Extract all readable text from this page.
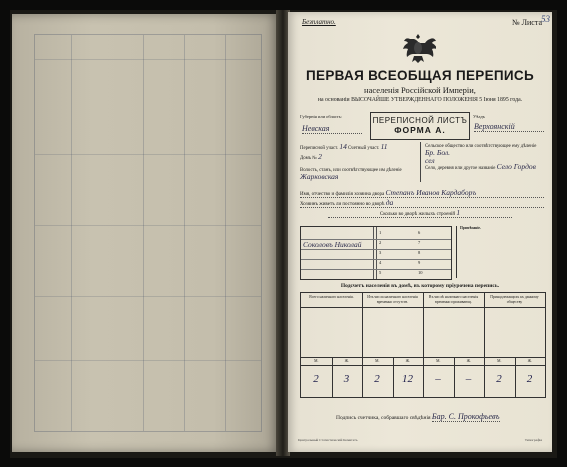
Безплатно.	№ Листа 53
ПЕРВАЯ ВСЕОБЩАЯ ПЕРЕПИСЬ
населенія Россійской Имперіи,
на основаніи ВЫСОЧАЙШЕ УТВЕРЖДЕННАГО ПОЛОЖЕНІЯ 5 Іюня 1895 года.
Губернія или область:
Невская
ПЕРЕПИСНОЙ ЛИСТЪ
ФОРМА А.
Уѣздъ
Верхоянскій
Переписной участ. 14 Счетный участ. 11
Домъ № 2
Волость, станъ, или соотвѣтствующее им дѣленіе Жарковская
Сельское общество или соотвѣтствующее ему дѣленіе Бр. Бол.
сел
Село, деревня или другое названіе Село Гордов
Имя, отчество и фамилія хозяина двора Степанъ Иванов Кардаборъ
Хозяинъ живетъ ли постоянно во дворѣ да
Сколько во дворѣ жилыхъ строеній 1
Соколовъ Николай
1
2
3
4
5
6
7
8
9
10
Примѣчаніе.
Подсчетъ населенія въ домѣ, въ которому пріурочена перепись.
Всего наличнаго населенія.	Изъ числа наличнаго населенія временно отсутств.
Въ числѣ наличнаго населенія временно проживающ.
Принадлежащихъ къ данному обществу
М.	Ж.	М.	Ж.	М.	Ж.	М.	Ж.
2	3	2	12	–	–	2	2
Подпись счетчика, собравшаго свѣдѣнія Бар. С. Прокофьевъ
Центральный Статистическій Комитетъ	Типографія
